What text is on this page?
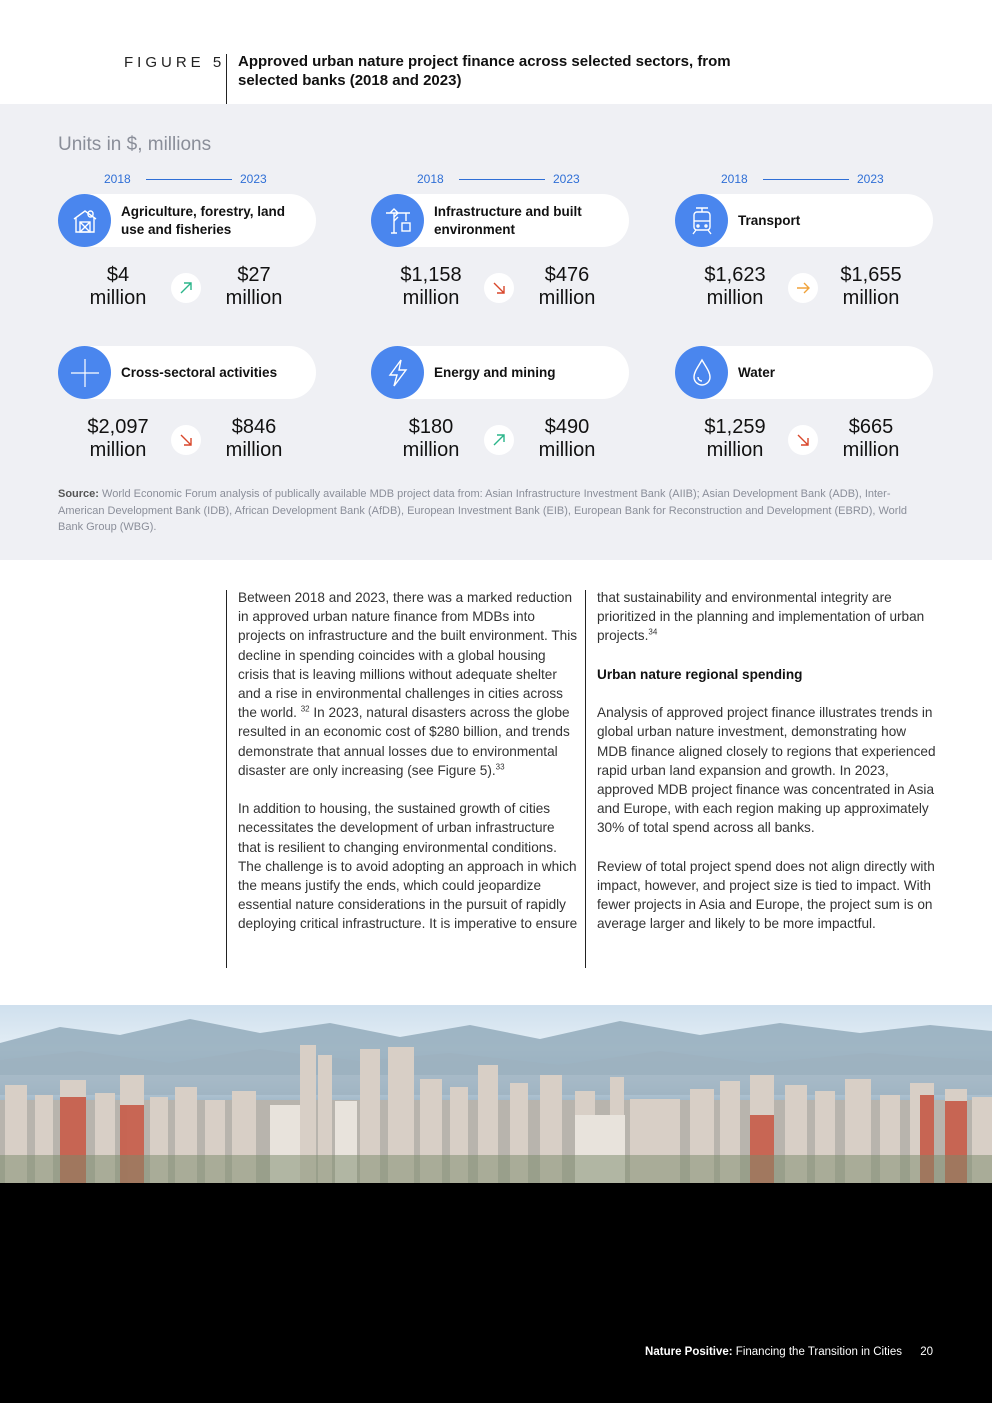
FIGURE 5 Approved urban nature project finance across selected sectors, from selected banks (2018 and 2023)
Units in $, millions
2018	2023
Agriculture, forestry, land use and fisheries
$4
million
$27
million
2018	2023
Infrastructure and built environment
$1,158
million
$476
million
2018	2023
Transport
$1,623
million
$1,655
million
Cross-sectoral activities
$2,097
million
$846
million
Energy and mining
$180
million
$490
million
Water
$1,259
million
$665
million
Source: World Economic Forum analysis of publically available MDB project data from: Asian Infrastructure Investment Bank (AIIB); Asian Development Bank (ADB), Inter-American Development Bank (IDB), African Development Bank (AfDB), European Investment Bank (EIB), European Bank for Reconstruction and Development (EBRD), World Bank Group (WBG).

Between 2018 and 2023, there was a marked reduction in approved urban nature finance from MDBs into projects on infrastructure and the built environment. This decline in spending coincides with a global housing crisis that is leaving millions without adequate shelter and a rise in environmental challenges in cities across the world. $^{32}$ In 2023, natural disasters across the globe resulted in an economic cost of $280 billion, and trends demonstrate that annual losses due to environmental disaster are only increasing (see Figure 5).$^{33}$

In addition to housing, the sustained growth of cities necessitates the development of urban infrastructure that is resilient to changing environmental conditions. The challenge is to avoid adopting an approach in which the means justify the ends, which could jeopardize essential nature considerations in the pursuit of rapidly deploying critical infrastructure. It is imperative to ensure

that sustainability and environmental integrity are prioritized in the planning and implementation of urban projects.$^{34}$

Urban nature regional spending

Analysis of approved project finance illustrates trends in global urban nature investment, demonstrating how MDB finance aligned closely to regions that experienced rapid urban land expansion and growth. In 2023, approved MDB project finance was concentrated in Asia and Europe, with each region making up approximately 30% of total spend across all banks.

Review of total project spend does not align directly with impact, however, and project size is tied to impact. With fewer projects in Asia and Europe, the project sum is on average larger and likely to be more impactful.

Nature Positive: Financing the Transition in Cities 20
